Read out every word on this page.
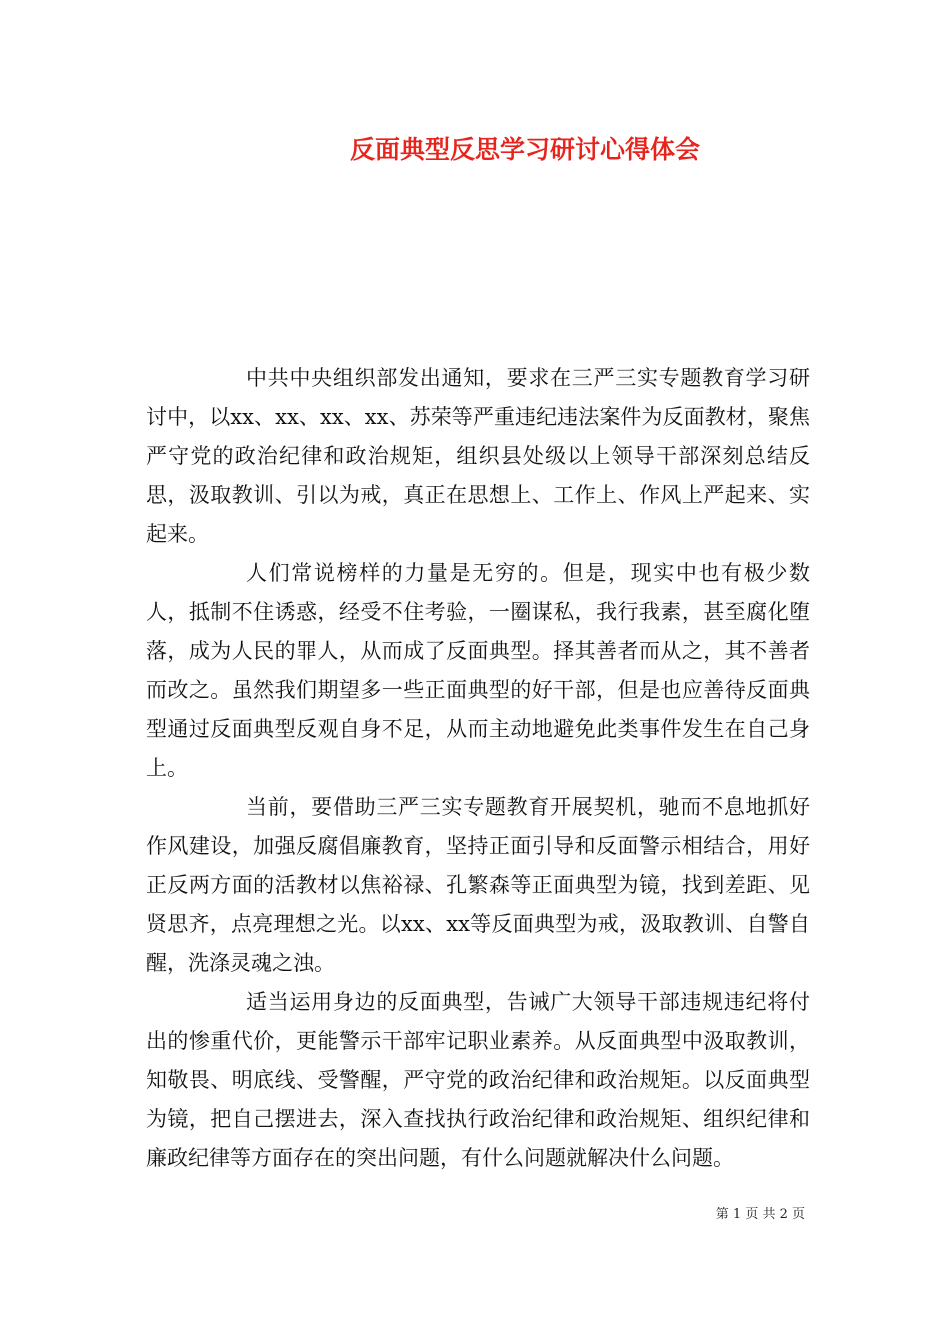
反面典型反思学习研讨心得体会

中共中央组织部发出通知，要求在三严三实专题教育学习研讨中，以xx、xx、xx、xx、苏荣等严重违纪违法案件为反面教材，聚焦严守党的政治纪律和政治规矩，组织县处级以上领导干部深刻总结反思，汲取教训、引以为戒，真正在思想上、工作上、作风上严起来、实起来。

人们常说榜样的力量是无穷的。但是，现实中也有极少数人，抵制不住诱惑，经受不住考验，一圈谋私，我行我素，甚至腐化堕落，成为人民的罪人，从而成了反面典型。择其善者而从之，其不善者而改之。虽然我们期望多一些正面典型的好干部，但是也应善待反面典型通过反面典型反观自身不足，从而主动地避免此类事件发生在自己身上。

当前，要借助三严三实专题教育开展契机，驰而不息地抓好作风建设，加强反腐倡廉教育，坚持正面引导和反面警示相结合，用好正反两方面的活教材以焦裕禄、孔繁森等正面典型为镜，找到差距、见贤思齐，点亮理想之光。以xx、xx等反面典型为戒，汲取教训、自警自醒，洗涤灵魂之浊。

适当运用身边的反面典型，告诫广大领导干部违规违纪将付出的惨重代价，更能警示干部牢记职业素养。从反面典型中汲取教训，知敬畏、明底线、受警醒，严守党的政治纪律和政治规矩。以反面典型为镜，把自己摆进去，深入查找执行政治纪律和政治规矩、组织纪律和廉政纪律等方面存在的突出问题，有什么问题就解决什么问题。

第 1 页 共 2 页
